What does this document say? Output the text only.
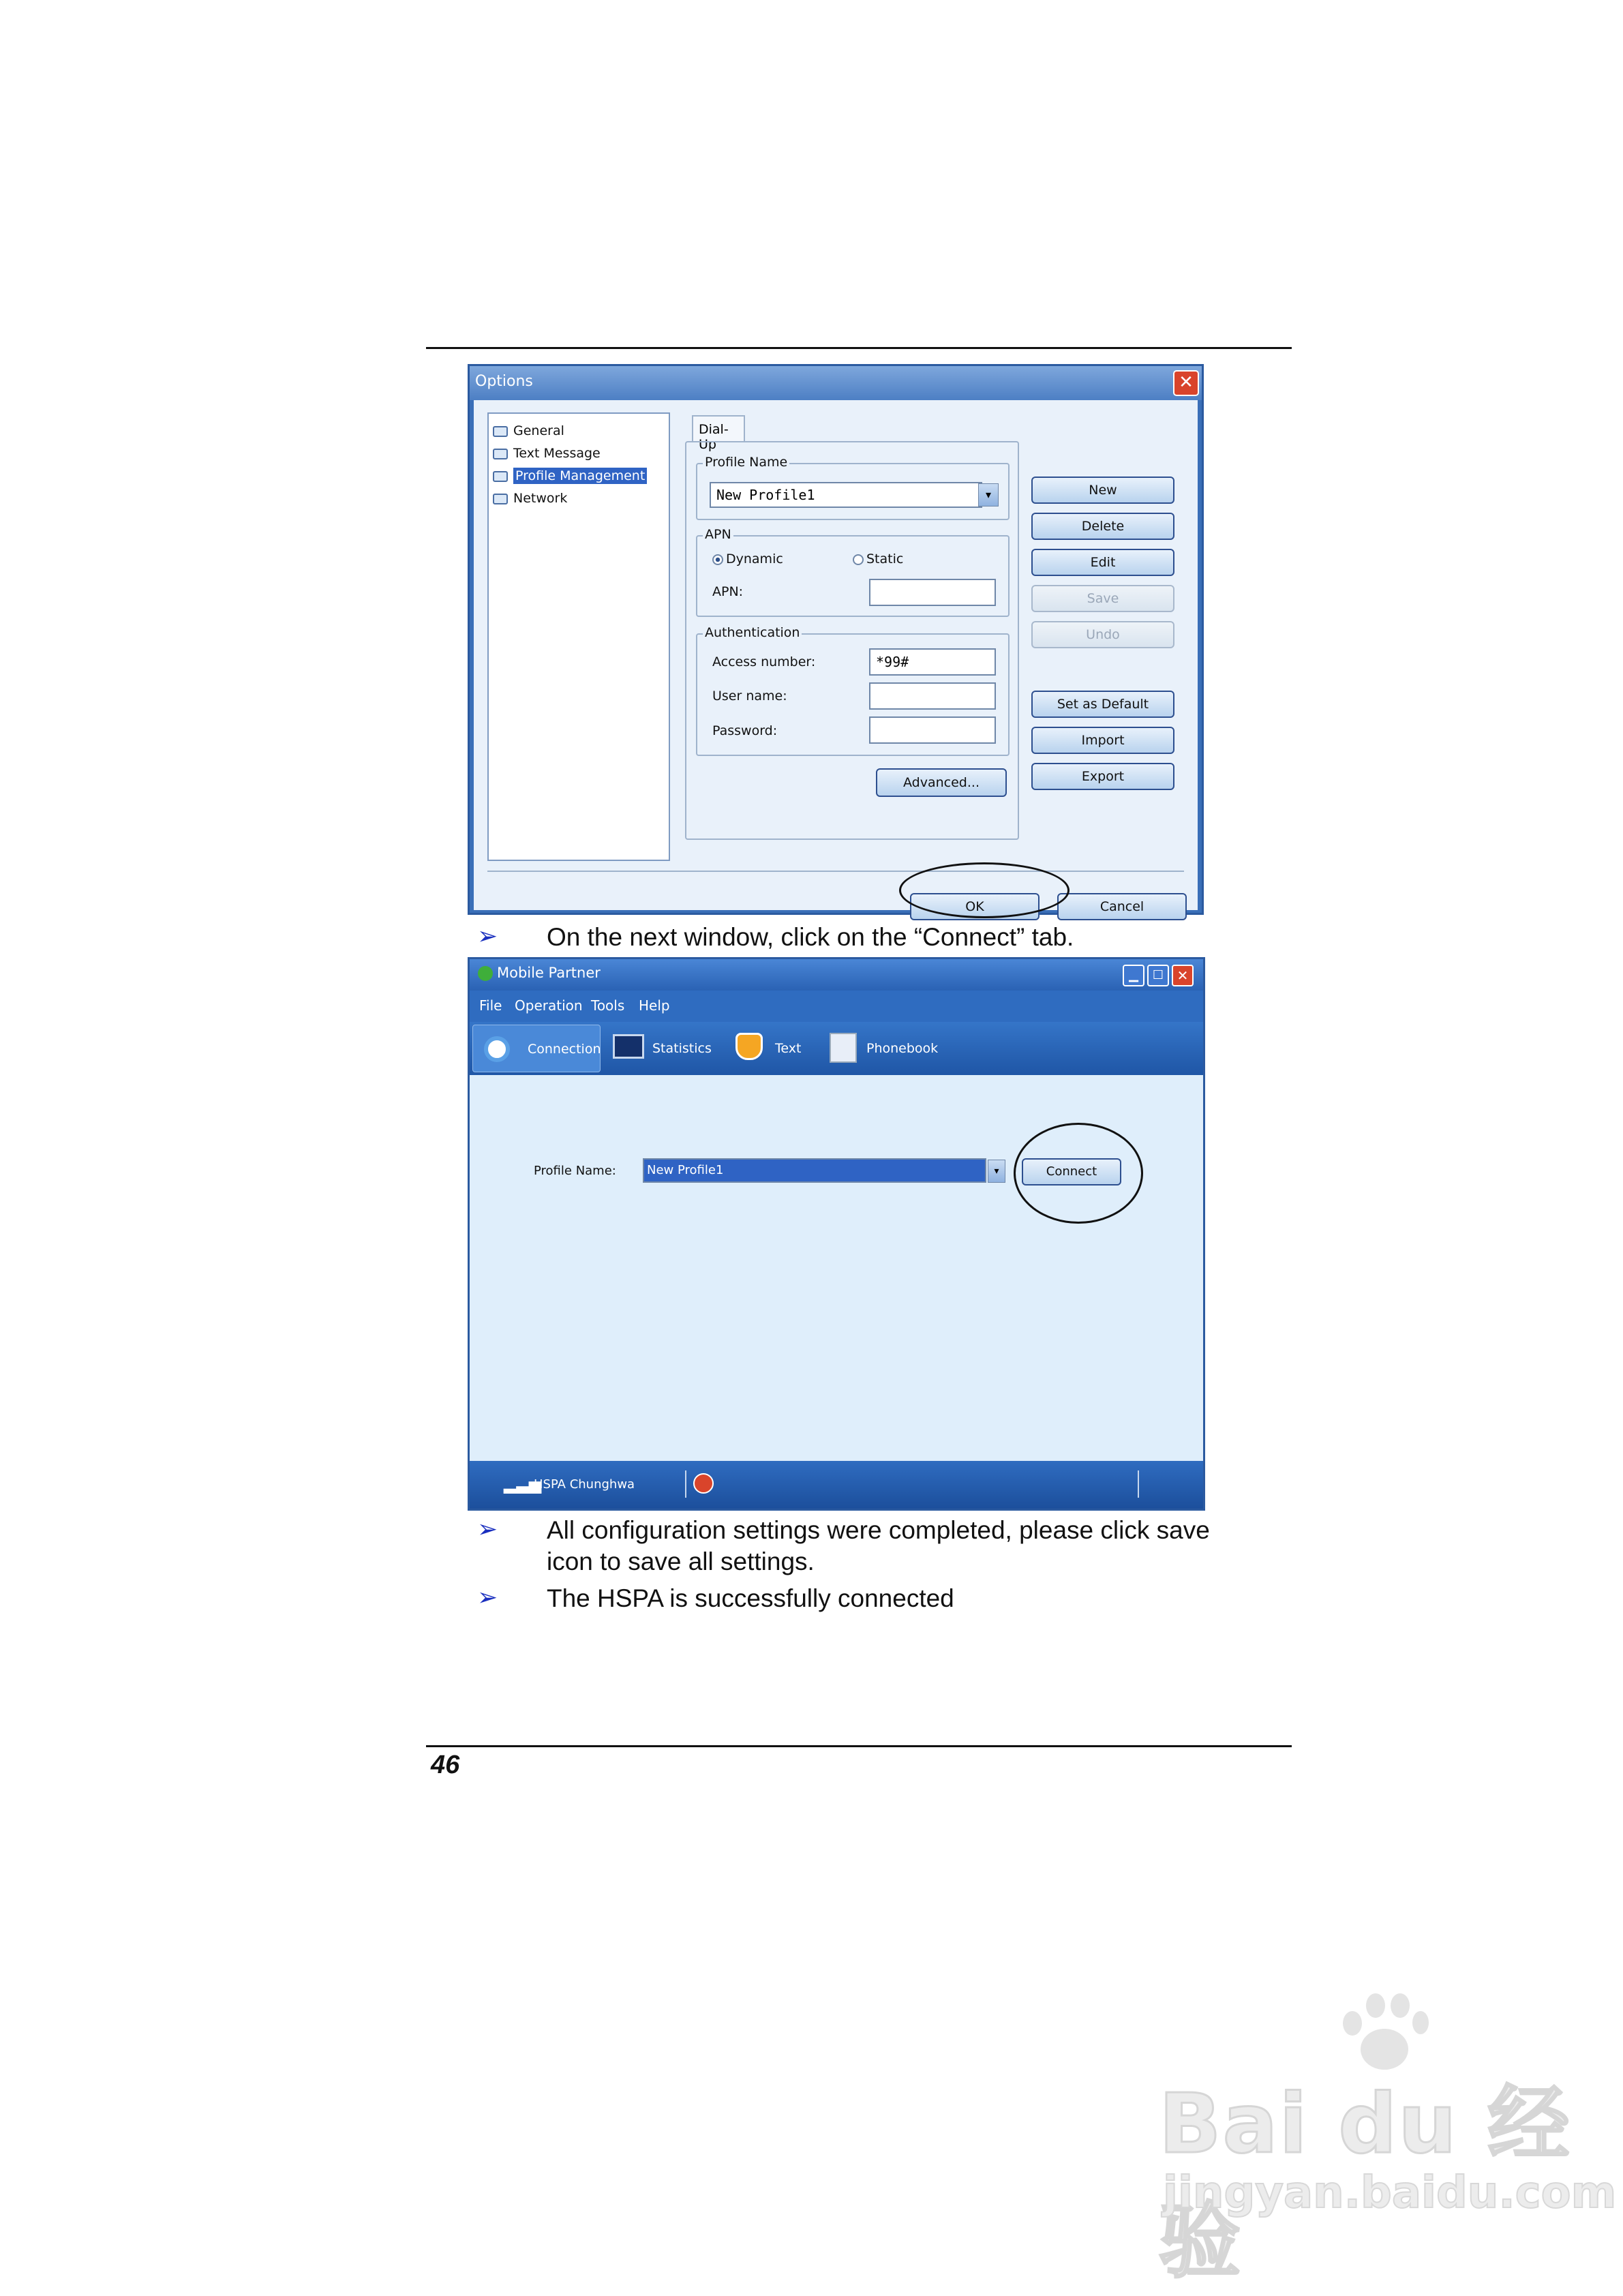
Options	✕
General
Text Message
Profile Management
Network
Dial-Up
Profile Name
New Profile1	▾
APN
Dynamic	Static
APN:
Authentication
Access number:	*99#
User name:
Password:
Advanced...
New
Delete
Edit
Save
Undo
Set as Default
Import
Export
OK	Cancel
➢ On the next window, click on the “Connect” tab.
Mobile Partner	▁	☐ ✕
File Operation Tools Help
Connection	Statistics	Text	Phonebook
Profile Name:	New Profile1	▾	Connect
▂▃▅
HSPA Chunghwa
➢ All configuration settings were completed, please click save
icon to save all settings.
➢ The HSPA is successfully connected
46
Bai du 经验
jingyan.baidu.com
